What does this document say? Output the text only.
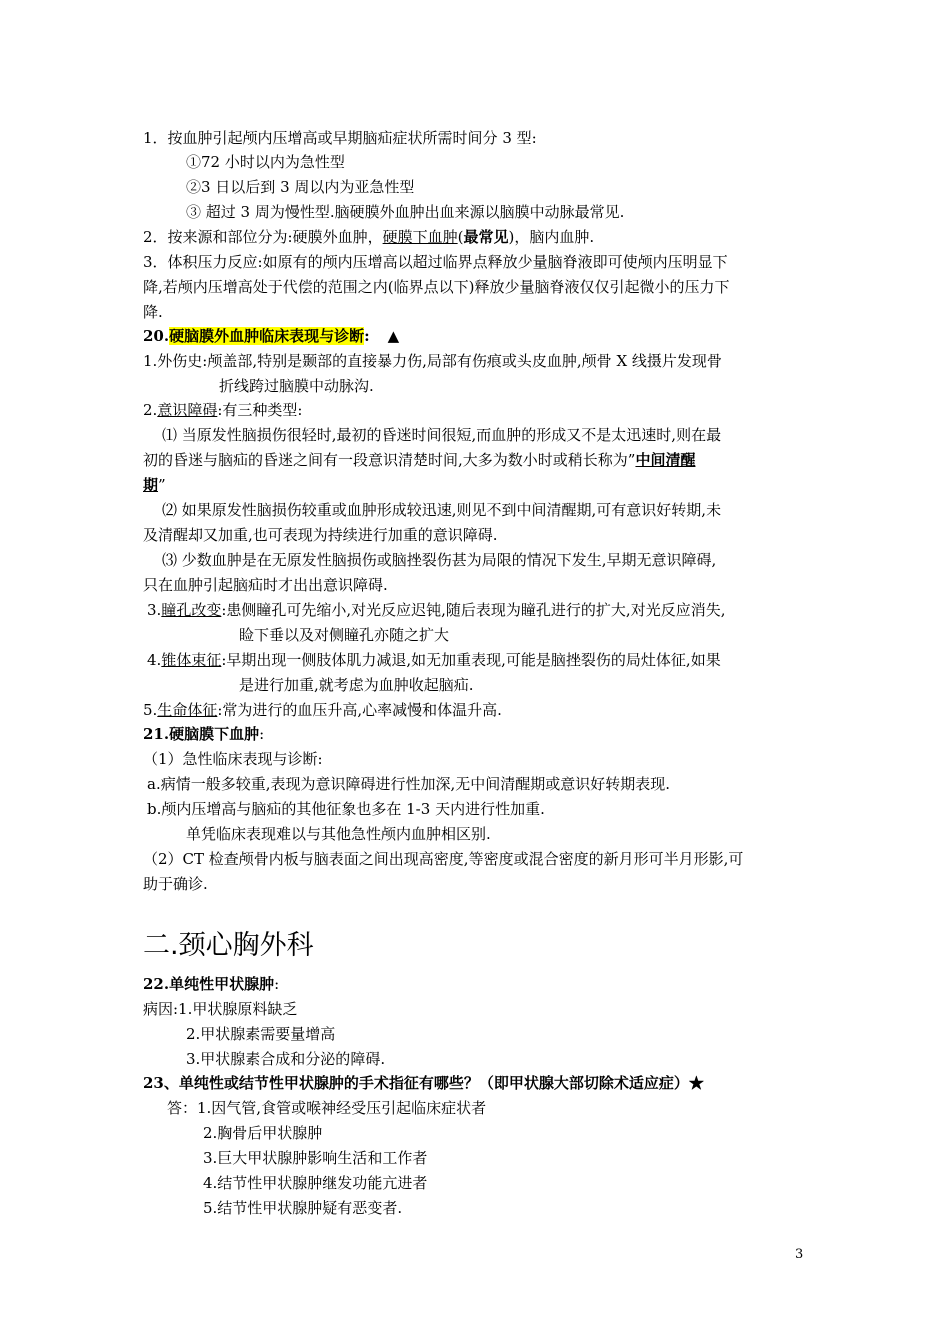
1．按血肿引起颅内压增高或早期脑疝症状所需时间分 3 型:
①72 小时以内为急性型
②3 日以后到 3 周以内为亚急性型
③ 超过 3 周为慢性型.脑硬膜外血肿出血来源以脑膜中动脉最常见.
2．按来源和部位分为:硬膜外血肿，硬膜下血肿(最常见)，脑内血肿.
3．体积压力反应:如原有的颅内压增高以超过临界点释放少量脑脊液即可使颅内压明显下
降,若颅内压增高处于代偿的范围之内(临界点以下)释放少量脑脊液仅仅引起微小的压力下
降.
20.硬脑膜外血肿临床表现与诊断: ▲
1.外伤史:颅盖部,特别是颞部的直接暴力伤,局部有伤痕或头皮血肿,颅骨 X 线摄片发现骨
折线跨过脑膜中动脉沟.
2.意识障碍:有三种类型:
⑴ 当原发性脑损伤很轻时,最初的昏迷时间很短,而血肿的形成又不是太迅速时,则在最
初的昏迷与脑疝的昏迷之间有一段意识清楚时间,大多为数小时或稍长称为”中间清醒
期”
⑵ 如果原发性脑损伤较重或血肿形成较迅速,则见不到中间清醒期,可有意识好转期,未
及清醒却又加重,也可表现为持续进行加重的意识障碍.
⑶ 少数血肿是在无原发性脑损伤或脑挫裂伤甚为局限的情况下发生,早期无意识障碍,
只在血肿引起脑疝时才出出意识障碍.
3.瞳孔改变:患侧瞳孔可先缩小,对光反应迟钝,随后表现为瞳孔进行的扩大,对光反应消失,
睑下垂以及对侧瞳孔亦随之扩大
4.锥体束征:早期出现一侧肢体肌力减退,如无加重表现,可能是脑挫裂伤的局灶体征,如果
是进行加重,就考虑为血肿收起脑疝.
5.生命体征:常为进行的血压升高,心率减慢和体温升高.
21.硬脑膜下血肿:
（1）急性临床表现与诊断:
a.病情一般多较重,表现为意识障碍进行性加深,无中间清醒期或意识好转期表现.
b.颅内压增高与脑疝的其他征象也多在 1-3 天内进行性加重.
单凭临床表现难以与其他急性颅内血肿相区别.
（2）CT 检查颅骨内板与脑表面之间出现高密度,等密度或混合密度的新月形可半月形影,可
助于确诊.
二.颈心胸外科
22.单纯性甲状腺肿:
病因:1.甲状腺原料缺乏
2.甲状腺素需要量增高
3.甲状腺素合成和分泌的障碍.
23、单纯性或结节性甲状腺肿的手术指征有哪些？（即甲状腺大部切除术适应症）★
答：1.因气管,食管或喉神经受压引起临床症状者
2.胸骨后甲状腺肿
3.巨大甲状腺肿影响生活和工作者
4.结节性甲状腺肿继发功能亢进者
5.结节性甲状腺肿疑有恶变者.
3
